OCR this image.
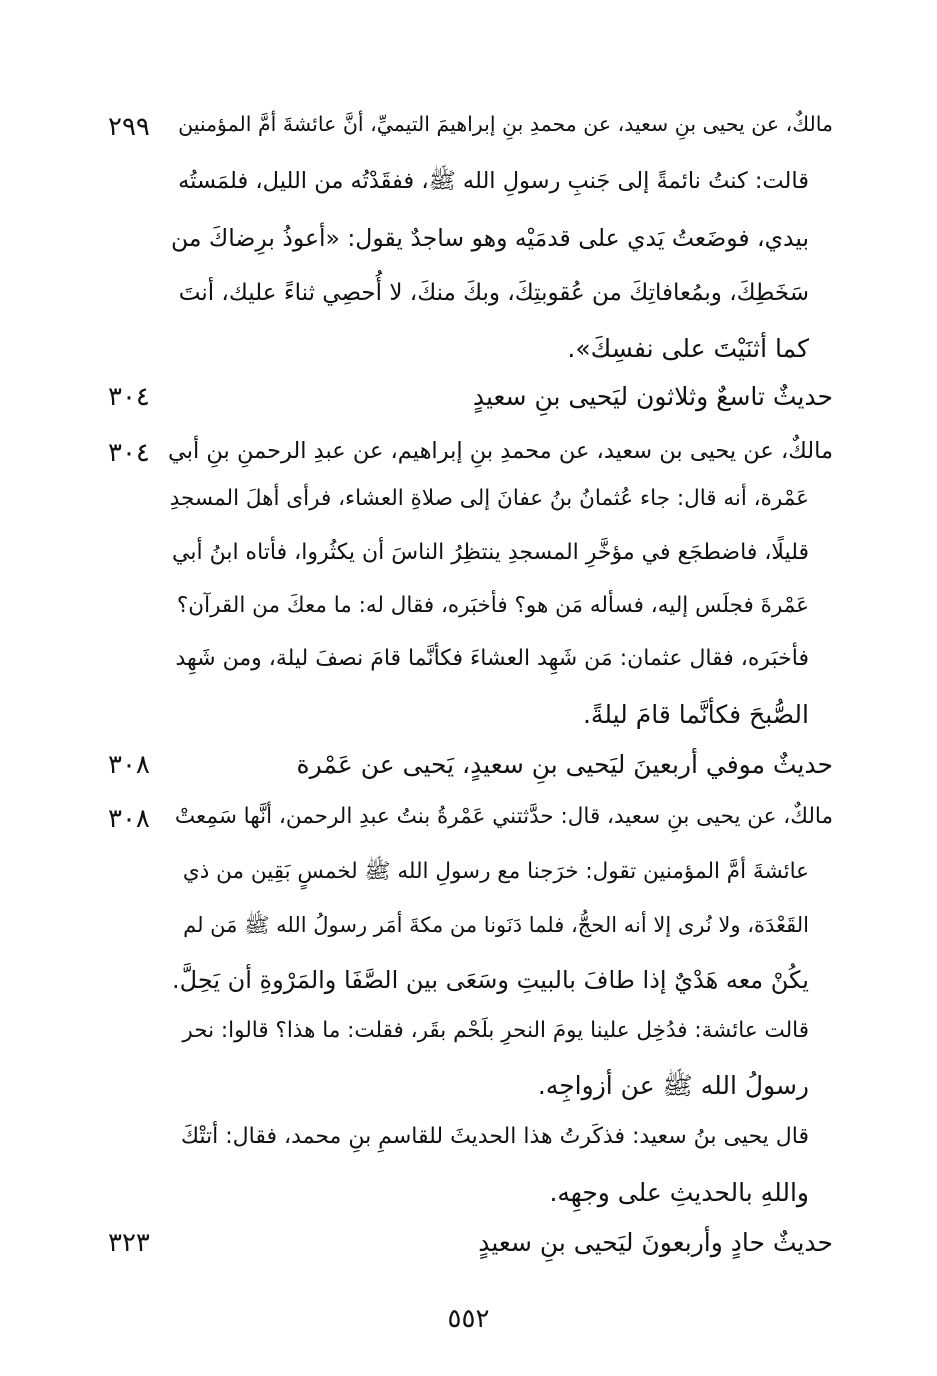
٢٩٩	مالكٌ، عن يحيى بنِ سعيد، عن محمدِ بنِ إبراهيمَ التيميِّ، أنَّ عائشةَ أمَّ المؤمنين
قالت: كنتُ نائمةً إلى جَنبِ رسولِ الله ﷺ، ففقَدْتُه من الليل، فلمَستُه
بيدي، فوضَعتُ يَدي على قدمَيْه وهو ساجدٌ يقول: «أعوذُ برِضاكَ من
سَخَطِكَ، وبمُعافاتِكَ من عُقوبتِكَ، وبكَ منكَ، لا أُحصِي ثناءً عليك، أنتَ
كما أثنَيْتَ على نفسِكَ».
٣٠٤	حديثٌ تاسعٌ وثلاثون ليَحيى بنِ سعيدٍ
٣٠٤ مالكٌ، عن يحيى بن سعيد، عن محمدِ بنِ إبراهيم، عن عبدِ الرحمنِ بنِ أبي
عَمْرة، أنه قال: جاء عُثمانُ بنُ عفانَ إلى صلاةِ العشاء، فرأى أهلَ المسجدِ
قليلًا، فاضطجَع في مؤخَّرِ المسجدِ ينتظِرُ الناسَ أن يكثُروا، فأتاه ابنُ أبي
عَمْرةَ فجلَس إليه، فسأله مَن هو؟ فأخبَره، فقال له: ما معكَ من القرآن؟
فأخبَره، فقال عثمان: مَن شَهِد العشاءَ فكأنَّما قامَ نصفَ ليلة، ومن شَهِد
الصُّبحَ فكأنَّما قامَ ليلةً.
٣٠٨	حديثٌ موفي أربعينَ ليَحيى بنِ سعيدٍ، يَحيى عن عَمْرة
٣٠٨	مالكٌ، عن يحيى بنِ سعيد، قال: حدَّثتني عَمْرةُ بنتُ عبدِ الرحمن، أنَّها سَمِعتْ
عائشةَ أمَّ المؤمنين تقول: خرَجنا مع رسولِ الله ﷺ لخمسٍ بَقِين من ذي
القَعْدَة، ولا نُرى إلا أنه الحجُّ، فلما دَنَونا من مكةَ أمَر رسولُ الله ﷺ مَن لم
يكُنْ معه هَدْيٌ إذا طافَ بالبيتِ وسَعَى بين الصَّفَا والمَرْوةِ أن يَحِلَّ.
قالت عائشة: فدُخِل علينا يومَ النحرِ بلَحْم بقَر، فقلت: ما هذا؟ قالوا: نحر
رسولُ الله ﷺ عن أزواجِه.
قال يحيى بنُ سعيد: فذكَرتُ هذا الحديثَ للقاسمِ بنِ محمد، فقال: أتتْكَ
واللهِ بالحديثِ على وجهِه.
٣٢٣	حديثٌ حادٍ وأربعونَ ليَحيى بنِ سعيدٍ
٥٥٢
